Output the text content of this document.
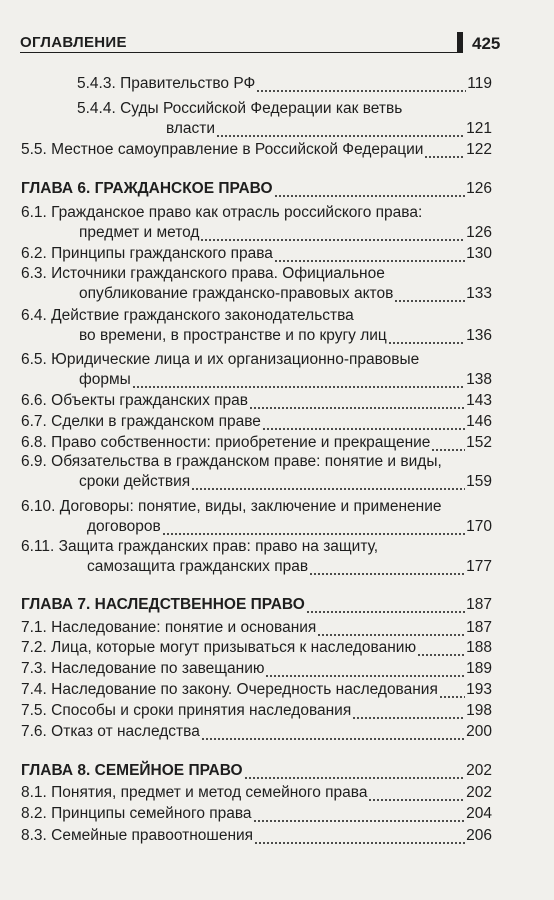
ОГЛАВЛЕНИЕ	425
5.4.3. Правительство РФ	119
5.4.4. Суды Российской Федерации как ветвь
власти	121
5.5. Местное самоуправление в Российской Федерации	122
ГЛАВА 6. ГРАЖДАНСКОЕ ПРАВО	126
6.1. Гражданское право как отрасль российского права:
предмет и метод	126
6.2. Принципы гражданского права	130
6.3. Источники гражданского права. Официальное
опубликование гражданско-правовых актов	133
6.4. Действие гражданского законодательства
во времени, в пространстве и по кругу лиц	136
6.5. Юридические лица и их организационно-правовые
формы	138
6.6. Объекты гражданских прав	143
6.7. Сделки в гражданском праве	146
6.8. Право собственности: приобретение и прекращение 152
6.9. Обязательства в гражданском праве: понятие и виды,
сроки действия	159
6.10. Договоры: понятие, виды, заключение и применение
договоров	170
6.11. Защита гражданских прав: право на защиту,
самозащита гражданских прав	177
ГЛАВА 7. НАСЛЕДСТВЕННОЕ ПРАВО	187
7.1. Наследование: понятие и основания	187
7.2. Лица, которые могут призываться к наследованию	188
7.3. Наследование по завещанию	189
7.4. Наследование по закону. Очередность наследования 193
7.5. Способы и сроки принятия наследования	198
7.6. Отказ от наследства	200
ГЛАВА 8. СЕМЕЙНОЕ ПРАВО	202
8.1. Понятия, предмет и метод семейного права	202
8.2. Принципы семейного права	204
8.3. Семейные правоотношения	206
